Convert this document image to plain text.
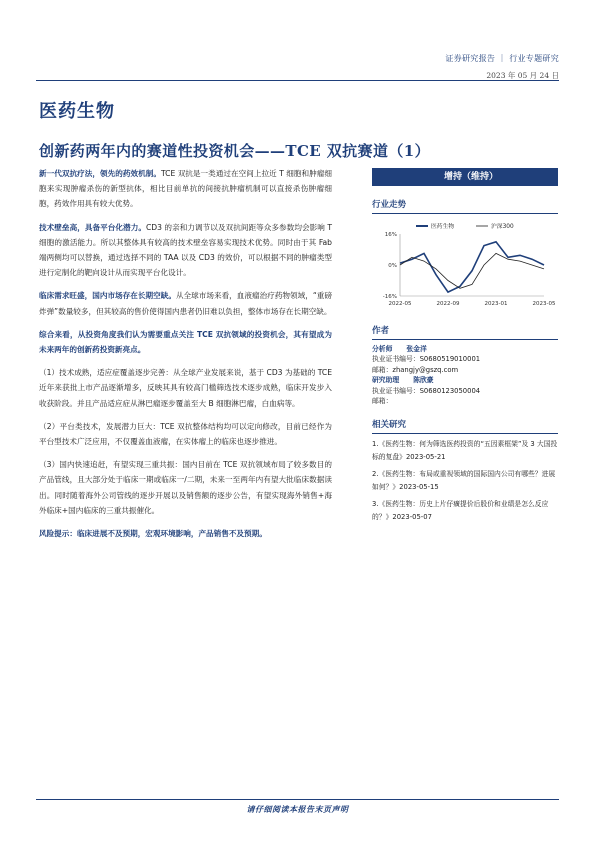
证券研究报告 ｜ 行业专题研究
2023 年 05 月 24 日
医药生物
创新药两年内的赛道性投资机会——TCE 双抗赛道（1）

新一代双抗疗法，领先的药效机制。TCE 双抗是一类通过在空间上拉近 T 细胞和肿瘤细胞来实现肿瘤杀伤的新型抗体，相比目前单抗的间接抗肿瘤机制可以直接杀伤肿瘤细胞，药效作用具有较大优势。

技术壁垒高，具备平台化潜力。CD3 的亲和力调节以及双抗间距等众多参数均会影响 T 细胞的激活能力。所以其整体具有较高的技术壁垒容易实现技术优势。同时由于其 Fab 端两侧均可以替换，通过选择不同的 TAA 以及 CD3 的效价，可以根据不同的肿瘤类型进行定制化的靶向设计从而实现平台化设计。

临床需求旺盛，国内市场存在长期空缺。从全球市场来看，血液瘤治疗药物领域，“重磅炸弹”数量较多，但其较高的售价使得国内患者仍旧难以负担，整体市场存在长期空缺。

综合来看，从投资角度我们认为需要重点关注 TCE 双抗领域的投资机会，其有望成为未来两年的创新药投资新亮点。

（1）技术成熟，适应症覆盖逐步完善：从全球产业发展来说，基于 CD3 为基础的 TCE 近年来获批上市产品逐渐增多，反映其具有较高门槛筛选技术逐步成熟，临床开发步入收获阶段。并且产品适应症从淋巴瘤逐步覆盖至大 B 细胞淋巴瘤，白血病等。

（2）平台类技术，发展潜力巨大：TCE 双抗整体结构均可以定向修改，目前已经作为平台型技术广泛应用，不仅覆盖血液瘤，在实体瘤上的临床也逐步推进。

（3）国内快速追赶，有望实现三重共振：国内目前在 TCE 双抗领域布局了较多数目的产品管线，且大部分处于临床一期或临床一/二期，未来一至两年内有望大批临床数据读出。同时随着海外公司管线的逐步开展以及销售额的逐步公告，有望实现海外销售+海外临床+国内临床的三重共振催化。

风险提示：临床进展不及预期，宏观环境影响，产品销售不及预期。

增持（维持）
行业走势
16%
0%
-16%
2022-05	2022-09	2023-01	2023-05
医药生物	沪深300
作者
分析师 张金洋
执业证书编号：S0680519010001
邮箱：zhangjy@gszq.com
研究助理 陈欣豪
执业证书编号：S0680123050004
邮箱：
相关研究
1.《医药生物：何为筛选医药投资的“五因素框架”及 3 大国投标的复盘》2023-05-21
2.《医药生物：布局或重视领域的国际国内公司有哪些？进展如何？》2023-05-15
3.《医药生物：历史上片仔癀提价后股价和业绩是怎么反应的？》2023-05-07
请仔细阅读本报告末页声明
